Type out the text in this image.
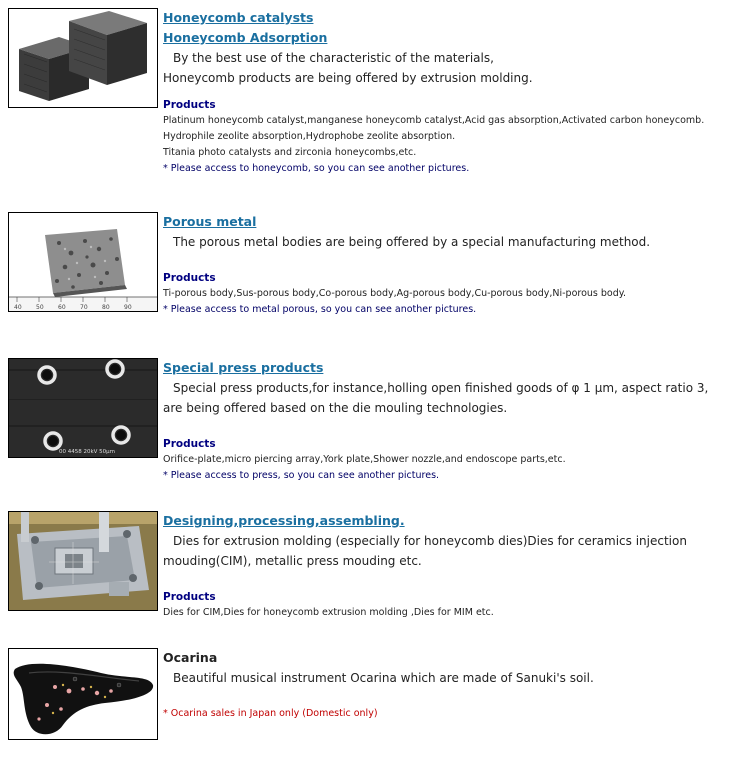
Honeycomb catalysts
Honeycomb Adsorption
By the best use of the characteristic of the materials,
Honeycomb products are being offered by extrusion molding.
Products
Platinum honeycomb catalyst,manganese honeycomb catalyst,Acid gas absorption,Activated carbon honeycomb.
Hydrophile zeolite absorption,Hydrophobe zeolite absorption.
Titania photo catalysts and zirconia honeycombs,etc.
* Please access to honeycomb, so you can see another pictures.
40 50 60 70 80 90
Porous metal
The porous metal bodies are being offered by a special manufacturing method.
Products
Ti-porous body,Sus-porous body,Co-porous body,Ag-porous body,Cu-porous body,Ni-porous body.
* Please access to metal porous, so you can see another pictures.
00 4458 20kV 50μm
Special press products
Special press products,for instance,holling open finished goods of φ 1 μm, aspect ratio 3,
are being offered based on the die mouling technologies.
Products
Orifice-plate,micro piercing array,York plate,Shower nozzle,and endoscope parts,etc.
* Please access to press, so you can see another pictures.
Designing,processing,assembling.
Dies for extrusion molding (especially for honeycomb dies)Dies for ceramics injection
mouding(CIM), metallic press mouding etc.
Products
Dies for CIM,Dies for honeycomb extrusion molding ,Dies for MIM etc.
Ocarina
Beautiful musical instrument Ocarina which are made of Sanuki's soil.
* Ocarina sales in Japan only (Domestic only)
